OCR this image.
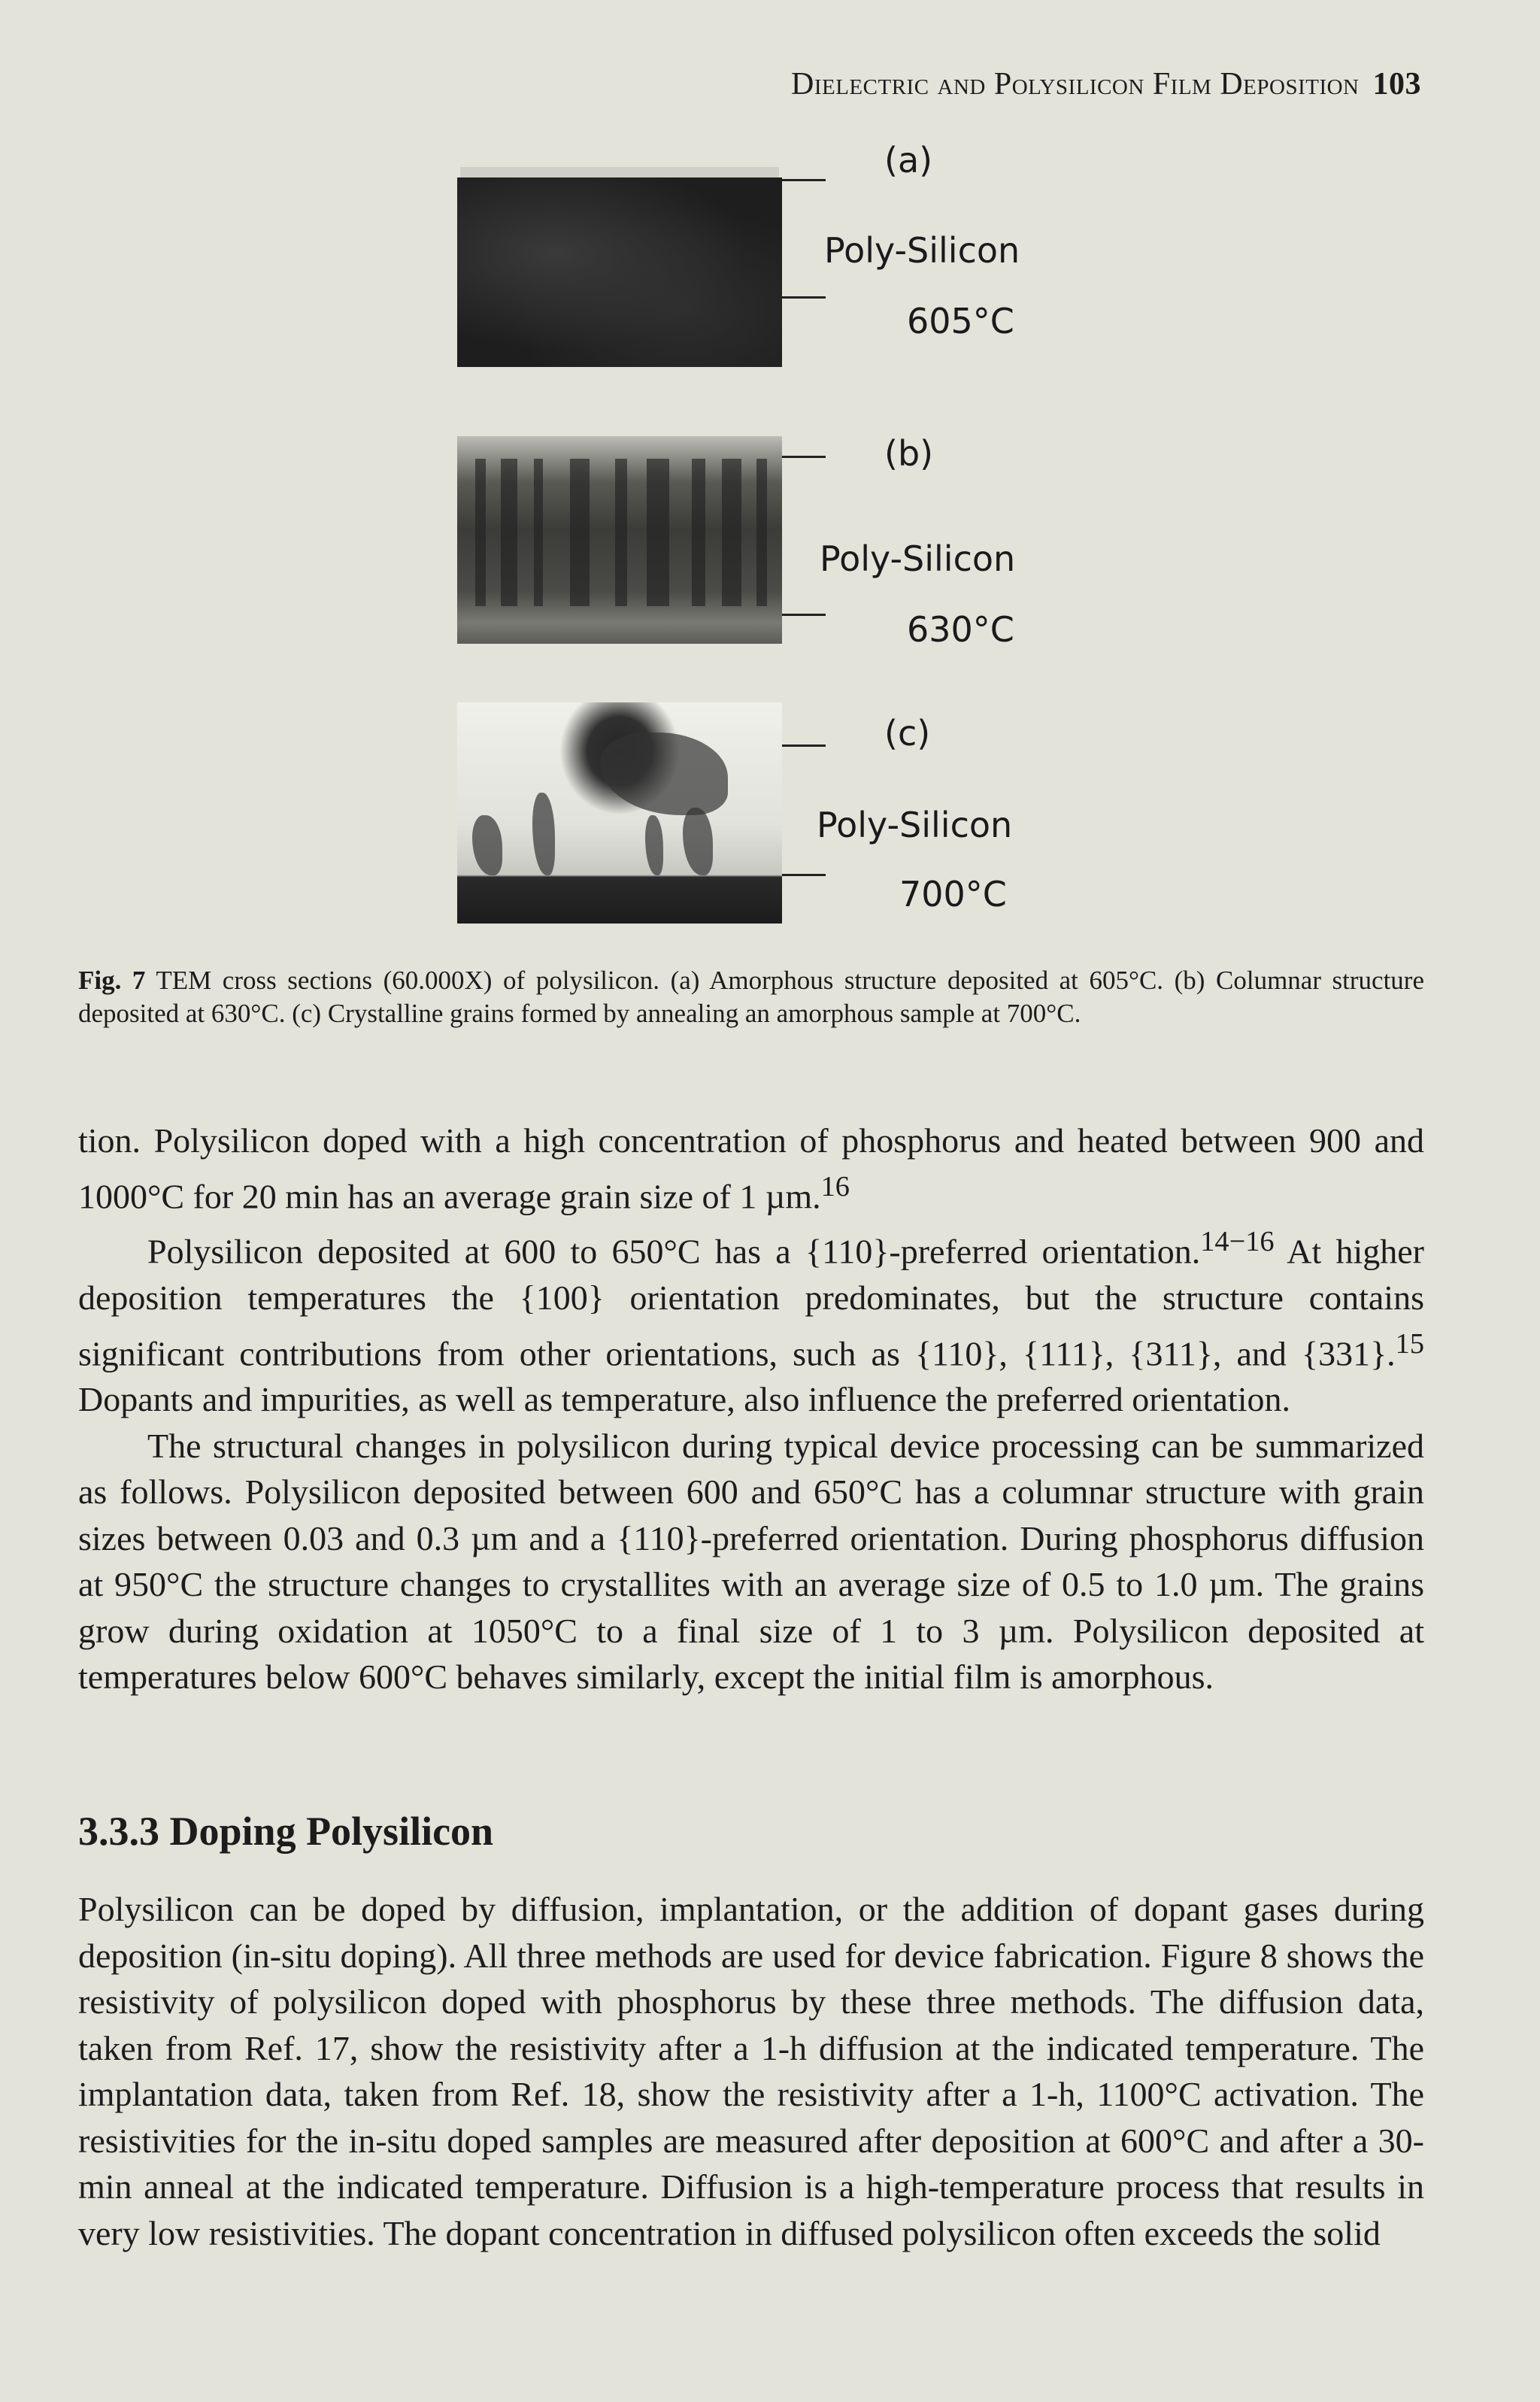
Dielectric and Polysilicon Film Deposition 103
(a)
Poly-Silicon
605°C
(b)
Poly-Silicon
630°C
(c)
Poly-Silicon
700°C
Fig. 7 TEM cross sections (60.000X) of polysilicon. (a) Amorphous structure deposited at 605°C. (b) Columnar structure deposited at 630°C. (c) Crystalline grains formed by annealing an amorphous sample at 700°C.

tion. Polysilicon doped with a high concentration of phosphorus and heated between 900 and 1000°C for 20 min has an average grain size of 1 µm.$^{16}$

Polysilicon deposited at 600 to 650°C has a {110}-preferred orientation.$^{14-16}$ At higher deposition temperatures the {100} orientation predominates, but the structure contains significant contributions from other orientations, such as {110}, {111}, {311}, and {331}.$^{15}$ Dopants and impurities, as well as temperature, also influence the preferred orientation.

The structural changes in polysilicon during typical device processing can be summarized as follows. Polysilicon deposited between 600 and 650°C has a columnar structure with grain sizes between 0.03 and 0.3 µm and a {110}-preferred orientation. During phosphorus diffusion at 950°C the structure changes to crystallites with an average size of 0.5 to 1.0 µm. The grains grow during oxidation at 1050°C to a final size of 1 to 3 µm. Polysilicon deposited at temperatures below 600°C behaves similarly, except the initial film is amorphous.

3.3.3 Doping Polysilicon

Polysilicon can be doped by diffusion, implantation, or the addition of dopant gases during deposition (in-situ doping). All three methods are used for device fabrication. Figure 8 shows the resistivity of polysilicon doped with phosphorus by these three methods. The diffusion data, taken from Ref. 17, show the resistivity after a 1-h diffusion at the indicated temperature. The implantation data, taken from Ref. 18, show the resistivity after a 1-h, 1100°C activation. The resistivities for the in-situ doped samples are measured after deposition at 600°C and after a 30-min anneal at the indicated temperature. Diffusion is a high-temperature process that results in very low resistivities. The dopant concentration in diffused polysilicon often exceeds the solid
